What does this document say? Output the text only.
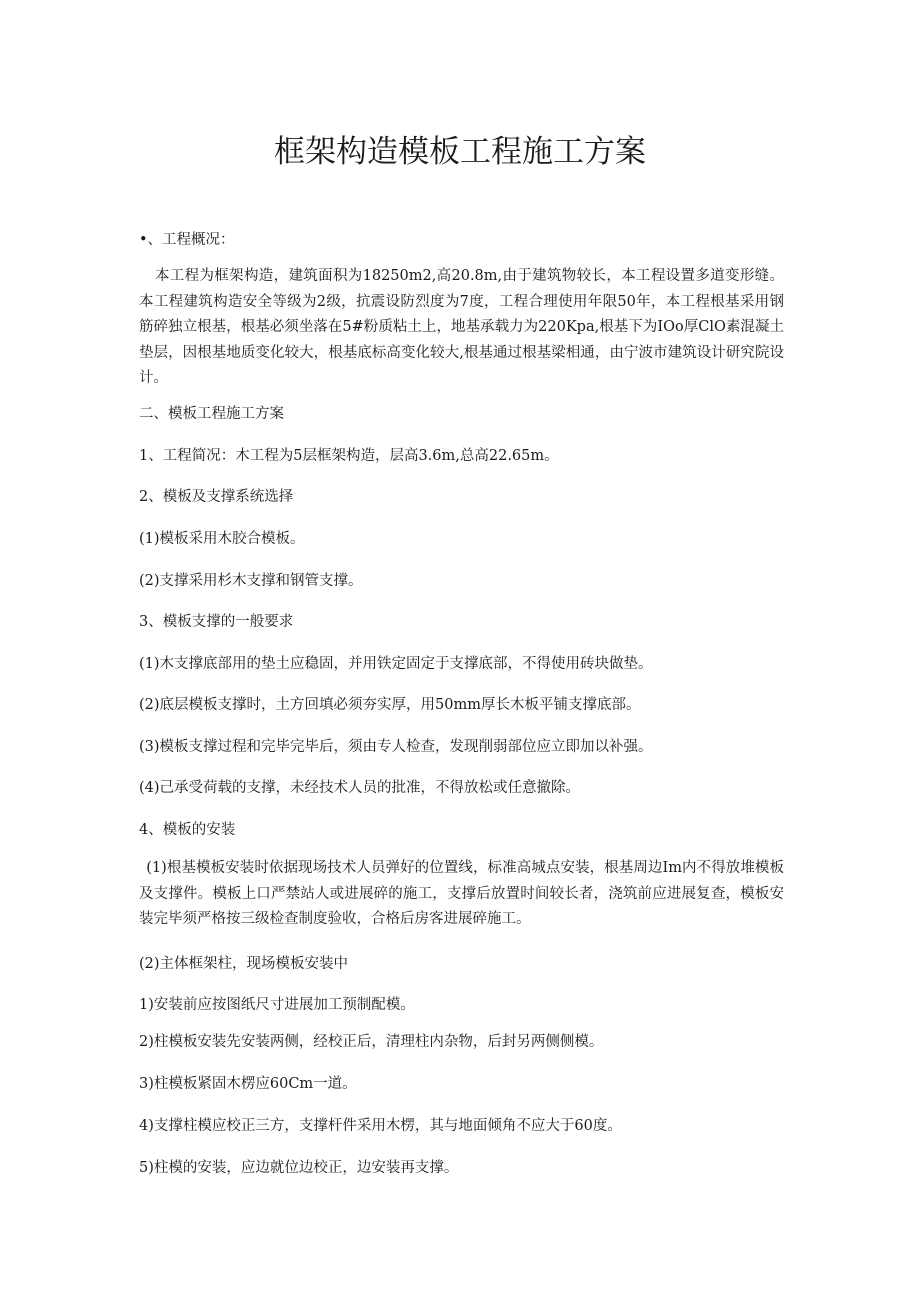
框架构造模板工程施工方案

•、工程概况：

本工程为框架构造，建筑面积为18250m2,高20.8m,由于建筑物较长，本工程设置多道变形缝。本工程建筑构造安全等级为2级，抗震设防烈度为7度，工程合理使用年限50年，本工程根基采用钢筋碎独立根基，根基必须坐落在5#粉质粘土上，地基承载力为220Kpa,根基下为IOo厚ClO素混凝土垫层，因根基地质变化较大，根基底标高变化较大,根基通过根基梁相通，由宁波市建筑设计研究院设计。

二、模板工程施工方案

1、工程简况：木工程为5层框架构造，层高3.6m,总高22.65m。

2、模板及支撑系统选择

(1)模板采用木胶合模板。

(2)支撑采用杉木支撑和钢管支撑。

3、模板支撑的一般要求

(1)木支撑底部用的垫土应稳固，并用铁定固定于支撑底部，不得使用砖块做垫。

(2)底层模板支撑时，土方回填必须夯实厚，用50mm厚长木板平铺支撑底部。

(3)模板支撑过程和完毕完毕后，须由专人检查，发现削弱部位应立即加以补强。

(4)己承受荷载的支撑，未经技术人员的批准，不得放松或任意撤除。

4、模板的安装

(1)根基模板安装时依据现场技术人员弹好的位置线，标准高城点安装，根基周边Im内不得放堆模板及支撑件。模板上口严禁站人或进展碎的施工，支撑后放置时间较长者，浇筑前应进展复查，模板安装完毕须严格按三级检查制度验收，合格后房客进展碎施工。

(2)主体框架柱，现场模板安装中

1)安装前应按图纸尺寸进展加工预制配模。

2)柱模板安装先安装两侧，经校正后，清理柱内杂物，后封另两侧侧模。

3)柱模板紧固木楞应60Cm一道。

4)支撑柱模应校正三方，支撑杆件采用木楞，其与地面倾角不应大于60度。

5)柱模的安装，应边就位边校正，边安装再支撑。
